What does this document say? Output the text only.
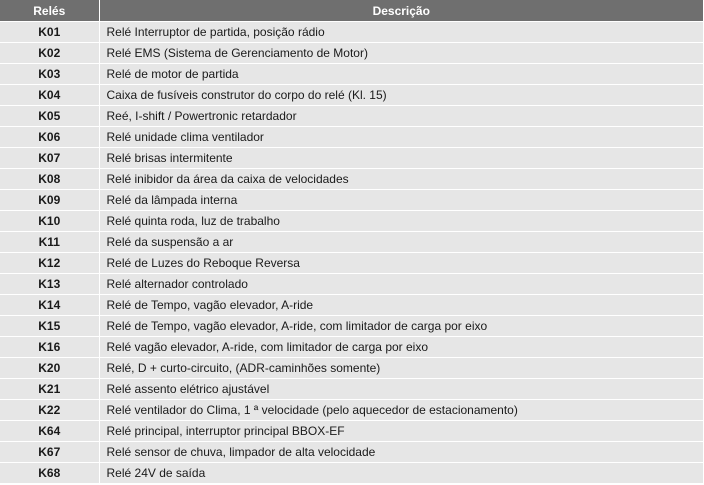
Relés	Descrição
K01	Relé Interruptor de partida, posição rádio
K02	Relé EMS (Sistema de Gerenciamento de Motor)
K03	Relé de motor de partida
K04	Caixa de fusíveis construtor do corpo do relé (Kl. 15)
K05	Reé, I-shift / Powertronic retardador
K06	Relé unidade clima ventilador
K07	Relé brisas intermitente
K08	Relé inibidor da área da caixa de velocidades
K09	Relé da lâmpada interna
K10	Relé quinta roda, luz de trabalho
K11	Relé da suspensão a ar
K12	Relé de Luzes do Reboque Reversa
K13	Relé alternador controlado
K14	Relé de Tempo, vagão elevador, A-ride
K15	Relé de Tempo, vagão elevador, A-ride, com limitador de carga por eixo
K16	Relé vagão elevador, A-ride, com limitador de carga por eixo
K20	Relé, D + curto-circuito, (ADR-caminhões somente)
K21	Relé assento elétrico ajustável
K22	Relé ventilador do Clima, 1 ª velocidade (pelo aquecedor de estacionamento)
K64	Relé principal, interruptor principal BBOX-EF
K67	Relé sensor de chuva, limpador de alta velocidade
K68	Relé 24V de saída
